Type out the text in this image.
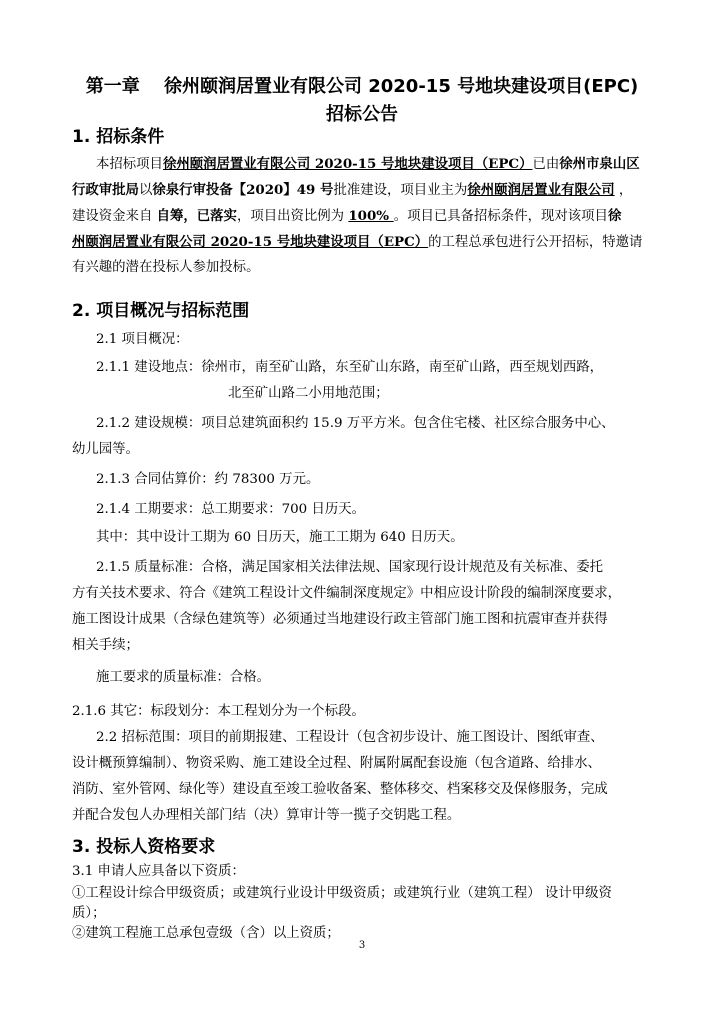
第一章　 徐州颐润居置业有限公司 2020-15 号地块建设项目(EPC)
招标公告
1. 招标条件
本招标项目徐州颐润居置业有限公司 2020-15 号地块建设项目（EPC）已由徐州市泉山区
行政审批局以徐泉行审投备【2020】49 号批准建设，项目业主为徐州颐润居置业有限公司 ，
建设资金来自 自筹，已落实，项目出资比例为 100% 。项目已具备招标条件，现对该项目徐
州颐润居置业有限公司 2020-15 号地块建设项目（EPC）的工程总承包进行公开招标，特邀请
有兴趣的潜在投标人参加投标。
2. 项目概况与招标范围
2.1 项目概况：
2.1.1 建设地点：徐州市，南至矿山路，东至矿山东路，南至矿山路，西至规划西路，
北至矿山路二小用地范围；
2.1.2 建设规模：项目总建筑面积约 15.9 万平方米。包含住宅楼、社区综合服务中心、
幼儿园等。
2.1.3 合同估算价：约 78300 万元。
2.1.4 工期要求：总工期要求：700 日历天。
其中：其中设计工期为 60 日历天，施工工期为 640 日历天。
2.1.5 质量标准：合格，满足国家相关法律法规、国家现行设计规范及有关标准、委托
方有关技术要求、符合《建筑工程设计文件编制深度规定》中相应设计阶段的编制深度要求，
施工图设计成果（含绿色建筑等）必须通过当地建设行政主管部门施工图和抗震审查并获得
相关手续；
施工要求的质量标准：合格。
2.1.6 其它：标段划分：本工程划分为一个标段。
2.2 招标范围：项目的前期报建、工程设计（包含初步设计、施工图设计、图纸审查、
设计概预算编制）、物资采购、施工建设全过程、附属附属配套设施（包含道路、给排水、
消防、室外管网、绿化等）建设直至竣工验收备案、整体移交、档案移交及保修服务，完成
并配合发包人办理相关部门结（决）算审计等一揽子交钥匙工程。
3. 投标人资格要求
3.1 申请人应具备以下资质：
①工程设计综合甲级资质；或建筑行业设计甲级资质；或建筑行业（建筑工程） 设计甲级资
质）；
②建筑工程施工总承包壹级（含）以上资质；
3
